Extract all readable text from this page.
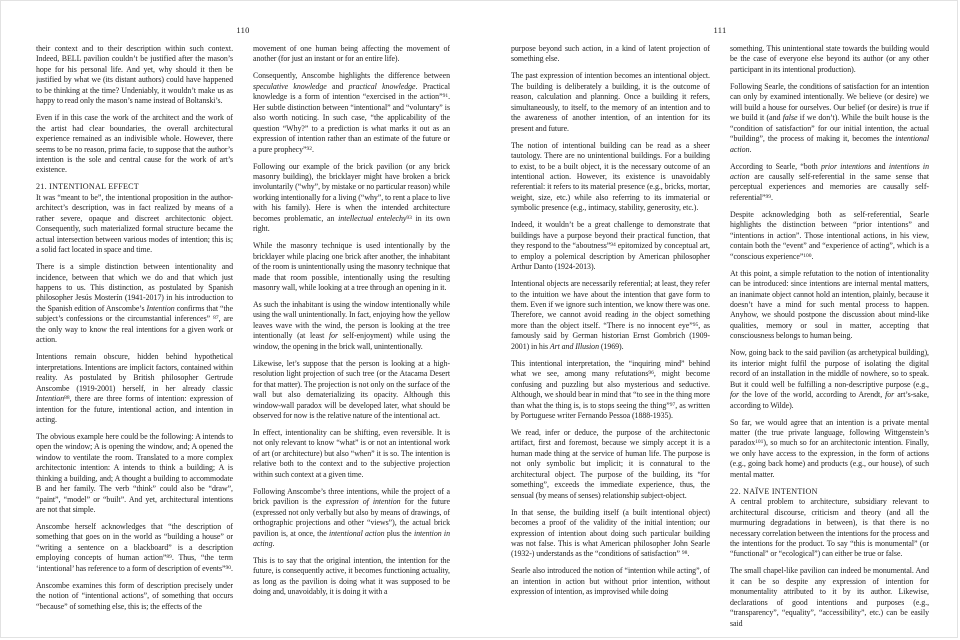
110

their context and to their description within such context. Indeed, BELL pavilion couldn’t be justified after the mason’s hope for his personal life. And yet, why should it then be justified by what we (its distant authors) could have happened to be thinking at the time? Undeniably, it wouldn’t make us as happy to read only the mason’s name instead of Boltanski’s.

Even if in this case the work of the architect and the work of the artist had clear boundaries, the overall architectural experience remained as an indivisible whole. However, there seems to be no reason, prima facie, to suppose that the author’s intention is the sole and central cause for the work of art’s existence.

21. INTENTIONAL EFFECT

It was “meant to be”, the intentional proposition in the author-architect’s description, was in fact realized by means of a rather severe, opaque and discreet architectonic object. Consequently, such materialized formal structure became the actual intersection between various modes of intention; this is; a solid fact located in space and time.

There is a simple distinction between intentionality and incidence, between that which we do and that which just happens to us. This distinction, as postulated by Spanish philosopher Jesús Mosterín (1941-2017) in his introduction to the Spanish edition of Anscombe’s Intention confirms that “the subject’s confessions or the circumstantial inferences” $^{87}$, are the only way to know the real intentions for a given work or action.

Intentions remain obscure, hidden behind hypothetical interpretations. Intentions are implicit factors, contained within reality. As postulated by British philosopher Gertrude Anscombe (1919-2001) herself, in her already classic Intention$^{88}$, there are three forms of intention: expression of intention for the future, intentional action, and intention in acting.

The obvious example here could be the following: A intends to open the window; A is opening the window, and; A opened the window to ventilate the room. Translated to a more complex architectonic intention: A intends to think a building; A is thinking a building, and; A thought a building to accommodate B and her family. The verb “think” could also be “draw”, “paint”, “model” or “built”. And yet, architectural intentions are not that simple.

Anscombe herself acknowledges that “the description of something that goes on in the world as “building a house” or “writing a sentence on a blackboard” is a description employing concepts of human action”$^{89}$. Thus, “the term ‘intentional’ has reference to a form of description of events”$^{90}$.

Anscombe examines this form of description precisely under the notion of “intentional actions”, of something that occurs “because” of something else, this is; the effects of the

movement of one human being affecting the movement of another (for just an instant or for an entire life).

Consequently, Anscombe highlights the difference between speculative knowledge and practical knowledge. Practical knowledge is a form of intention “exercised in the action”$^{91}$. Her subtle distinction between “intentional” and “voluntary” is also worth noticing. In such case, “the applicability of the question “Why?” to a prediction is what marks it out as an expression of intention rather than an estimate of the future or a pure prophecy”$^{92}$.

Following our example of the brick pavilion (or any brick masonry building), the bricklayer might have broken a brick involuntarily (“why”, by mistake or no particular reason) while working intentionally for a living (“why”, to rent a place to live with his family). Here is when the intended architecture becomes problematic, an intellectual entelechy$^{93}$ in its own right.

While the masonry technique is used intentionally by the bricklayer while placing one brick after another, the inhabitant of the room is unintentionally using the masonry technique that made that room possible, intentionally using the resulting masonry wall, while looking at a tree through an opening in it.

As such the inhabitant is using the window intentionally while using the wall unintentionally. In fact, enjoying how the yellow leaves wave with the wind, the person is looking at the tree intentionally (at least for self-enjoyment) while using the window, the opening in the brick wall, unintentionally.

Likewise, let’s suppose that the person is looking at a high-resolution light projection of such tree (or the Atacama Desert for that matter). The projection is not only on the surface of the wall but also dematerializing its opacity. Although this window-wall paradox will be developed later, what should be observed for now is the relative nature of the intentional act.

In effect, intentionality can be shifting, even reversible. It is not only relevant to know “what” is or not an intentional work of art (or architecture) but also “when” it is so. The intention is relative both to the context and to the subjective projection within such context at a given time.

Following Anscombe’s three intentions, while the project of a brick pavilion is the expression of intention for the future (expressed not only verbally but also by means of drawings, of orthographic projections and other “views”), the actual brick pavilion is, at once, the intentional action plus the intention in acting.

This is to say that the original intention, the intention for the future, is consequently active, it becomes functioning actuality, as long as the pavilion is doing what it was supposed to be doing and, unavoidably, it is doing it with a

111

purpose beyond such action, in a kind of latent projection of something else.

The past expression of intention becomes an intentional object. The building is deliberately a building, it is the outcome of reason, calculation and planning. Once a building it refers, simultaneously, to itself, to the memory of an intention and to the awareness of another intention, of an intention for its present and future.

The notion of intentional building can be read as a sheer tautology. There are no unintentional buildings. For a building to exist, to be a built object, it is the necessary outcome of an intentional action. However, its existence is unavoidably referential: it refers to its material presence (e.g., bricks, mortar, weight, size, etc.) while also referring to its immaterial or symbolic presence (e.g., intimacy, stability, generosity, etc.).

Indeed, it wouldn’t be a great challenge to demonstrate that buildings have a purpose beyond their practical function, that they respond to the “aboutness”$^{94}$ epitomized by conceptual art, to employ a polemical description by American philosopher Arthur Danto (1924-2013).

Intentional objects are necessarily referential; at least, they refer to the intuition we have about the intention that gave form to them. Even if we ignore such intention, we know there was one. Therefore, we cannot avoid reading in the object something more than the object itself. “There is no innocent eye”$^{95}$, as famously said by German historian Ernst Gombrich (1909-2001) in his Art and Illusion (1969).

This intentional interpretation, the “inquiring mind” behind what we see, among many refutations$^{96}$, might become confusing and puzzling but also mysterious and seductive. Although, we should bear in mind that “to see in the thing more than what the thing is, is to stops seeing the thing”$^{97}$, as written by Portuguese writer Fernando Pessoa (1888-1935).

We read, infer or deduce, the purpose of the architectonic artifact, first and foremost, because we simply accept it is a human made thing at the service of human life. The purpose is not only symbolic but implicit; it is connatural to the architectural object. The purpose of the building, its “for something”, exceeds the immediate experience, thus, the sensual (by means of senses) relationship subject-object.

In that sense, the building itself (a built intentional object) becomes a proof of the validity of the initial intention; our expression of intention about doing such particular building was not false. This is what American philosopher John Searle (1932-) understands as the “conditions of satisfaction” $^{98}$.

Searle also introduced the notion of “intention while acting”, of an intention in action but without prior intention, without expression of intention, as improvised while doing

something. This unintentional state towards the building would be the case of everyone else beyond its author (or any other participant in its intentional production).

Following Searle, the conditions of satisfaction for an intention can only by examined intentionally. We believe (or desire) we will build a house for ourselves. Our belief (or desire) is true if we build it (and false if we don’t). While the built house is the “condition of satisfaction” for our initial intention, the actual “building”, the process of making it, becomes the intentional action.

According to Searle, “both prior intentions and intentions in action are causally self-referential in the same sense that perceptual experiences and memories are causally self-referential”$^{99}$.

Despite acknowledging both as self-referential, Searle highlights the distinction between “prior intentions” and “intentions in action”. Those intentional actions, in his view, contain both the “event” and “experience of acting”, which is a “conscious experience”$^{100}$.

At this point, a simple refutation to the notion of intentionality can be introduced: since intentions are internal mental matters, an inanimate object cannot hold an intention, plainly, because it doesn’t have a mind for such mental process to happen. Anyhow, we should postpone the discussion about mind-like qualities, memory or soul in matter, accepting that consciousness belongs to human being.

Now, going back to the said pavilion (as archetypical building), its interior might fulfil the purpose of isolating the digital record of an installation in the middle of nowhere, so to speak. But it could well be fulfilling a non-descriptive purpose (e.g., for the love of the world, according to Arendt, for art’s-sake, according to Wilde).

So far, we would agree that an intention is a private mental matter (the true private language, following Wittgenstein’s paradox$^{101}$), so much so for an architectonic intention. Finally, we only have access to the expression, in the form of actions (e.g., going back home) and products (e.g., our house), of such mental matter.

22. NAÏVE INTENTION

A central problem to architecture, subsidiary relevant to architectural discourse, criticism and theory (and all the murmuring degradations in between), is that there is no necessary correlation between the intentions for the process and the intentions for the product. To say “this is monumental” (or “functional” or “ecological”) can either be true or false.

The small chapel-like pavilion can indeed be monumental. And it can be so despite any expression of intention for monumentality attributed to it by its author. Likewise, declarations of good intentions and purposes (e.g., “transparency”, “equality”, “accessibility”, etc.) can be easily said
